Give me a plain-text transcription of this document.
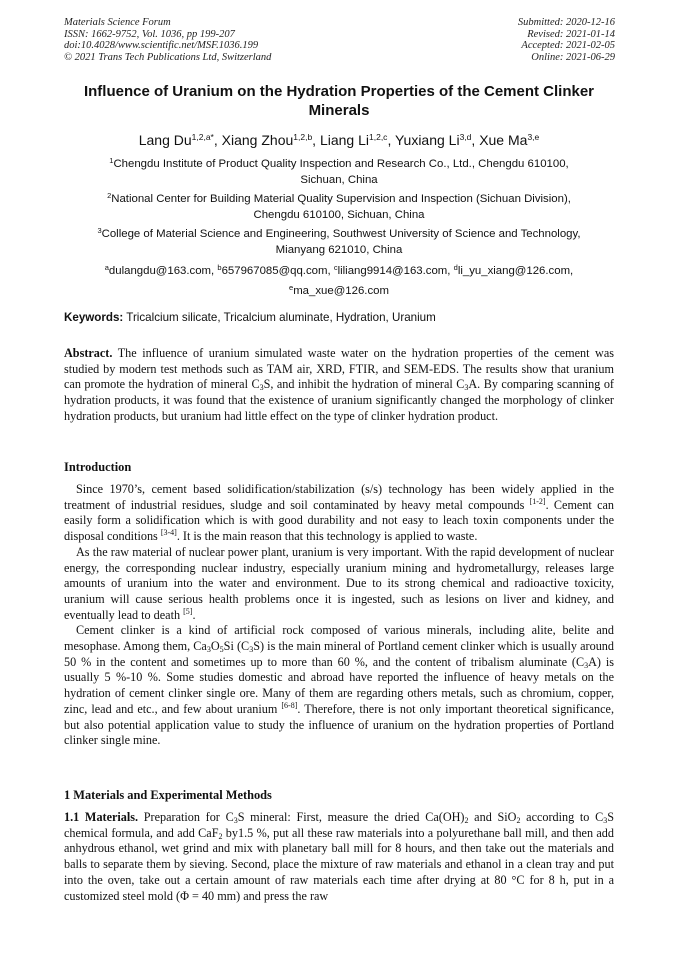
Materials Science Forum
ISSN: 1662-9752, Vol. 1036, pp 199-207
doi:10.4028/www.scientific.net/MSF.1036.199
© 2021 Trans Tech Publications Ltd, Switzerland
Submitted: 2020-12-16
Revised: 2021-01-14
Accepted: 2021-02-05
Online: 2021-06-29
Influence of Uranium on the Hydration Properties of the Cement Clinker
Minerals
Lang $Du^{1,2,a*}$, Xiang Zhou$^{1,2,b}$, Liang Li$^{1,2,c}$, Yuxiang Li$^{3,d}$, Xue Ma$^{3,e}$
$^1$Chengdu Institute of Product Quality Inspection and Research Co., Ltd., Chengdu 610100,
Sichuan, China
$^2$National Center for Building Material Quality Supervision and Inspection (Sichuan Division),
Chengdu 610100, Sichuan, China
$^3$College of Material Science and Engineering, Southwest University of Science and Technology,
Mianyang 621010, China
$^a$dulangdu@163.com, $^b$657967085@qq.com, $^c$liliang9914@163.com, $^d$li_yu_xiang@126.com,
$^e$ma_xue@126.com
Keywords: Tricalcium silicate, Tricalcium aluminate, Hydration, Uranium

Abstract. The influence of uranium simulated waste water on the hydration properties of the cement was studied by modern test methods such as TAM air, XRD, FTIR, and SEM-EDS. The results show that uranium can promote the hydration of mineral $C_3S$, and inhibit the hydration of mineral $C_3A$. By comparing scanning of hydration products, it was found that the existence of uranium significantly changed the morphology of clinker hydration products, but uranium had little effect on the type of clinker hydration product.

Introduction

Since 1970’s, cement based solidification/stabilization (s/s) technology has been widely applied in the treatment of industrial residues, sludge and soil contaminated by heavy metal compounds [1-2]. Cement can easily form a solidification which is with good durability and not easy to leach toxin components under the disposal conditions [3-4]. It is the main reason that this technology is applied to waste.

As the raw material of nuclear power plant, uranium is very important. With the rapid development of nuclear energy, the corresponding nuclear industry, especially uranium mining and hydrometallurgy, releases large amounts of uranium into the water and environment. Due to its strong chemical and radioactive toxicity, uranium will cause serious health problems once it is ingested, such as lesions on liver and kidney, and eventually lead to death [5].

Cement clinker is a kind of artificial rock composed of various minerals, including alite, belite and mesophase. Among them, $Ca_3O_5Si$ $(C_3S)$ is the main mineral of Portland cement clinker which is usually around 50 % in the content and sometimes up to more than 60 %, and the content of tribalism aluminate $(C_3A)$ is usually 5 %-10 %. Some studies domestic and abroad have reported the influence of heavy metals on the hydration of cement clinker single ore. Many of them are regarding others metals, such as chromium, copper, zinc, lead and etc., and few about uranium [6-8]. Therefore, there is not only important theoretical significance, but also potential application value to study the influence of uranium on the hydration properties of Portland clinker single mine.

1 Materials and Experimental Methods

1.1 Materials. Preparation for $C_3S$ mineral: First, measure the dried $Ca(OH)_2$ and SiO$_2$ according to $C_3S$ chemical formula, and add CaF$_2$ by1.5 %, put all these raw materials into a polyurethane ball mill, and then add anhydrous ethanol, wet grind and mix with planetary ball mill for 8 hours, and then take out the materials and balls to separate them by sieving. Second, place the mixture of raw materials and ethanol in a clean tray and put into the oven, take out a certain amount of raw materials each time after drying at 80 °C for 8 h, put in a customized steel mold (Φ = 40 mm) and press the raw
